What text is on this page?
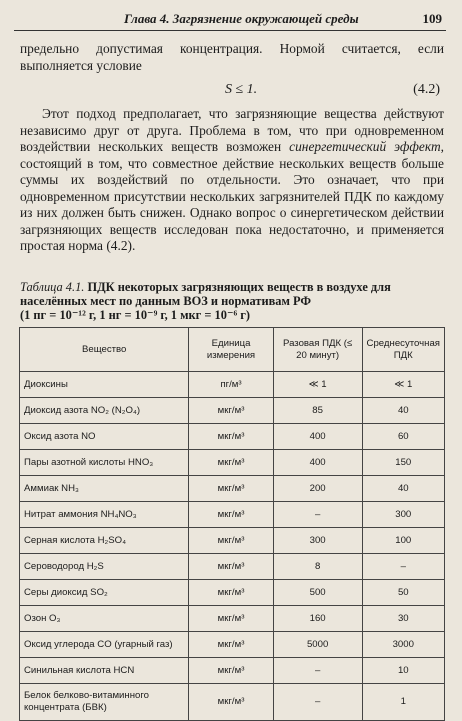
Глава 4. Загрязнение окружающей среды	109
предельно допустимая концентрация. Нормой считается, если выполняется условие
S ≤ 1.	(4.2)
Этот подход предполагает, что загрязняющие вещества действуют независимо друг от друга. Проблема в том, что при одновременном воздействии нескольких веществ возможен синергетический эффект, состоящий в том, что совместное действие нескольких веществ больше суммы их воздействий по отдельности. Это означает, что при одновременном присутствии нескольких загрязнителей ПДК по каждому из них должен быть снижен. Однако вопрос о синергетическом действии загрязняющих веществ исследован пока недостаточно, и применяется простая норма (4.2).
Таблица 4.1. ПДК некоторых загрязняющих веществ в воздухе для населённых мест по данным ВОЗ и нормативам РФ
(1 пг = 10⁻¹² г, 1 нг = 10⁻⁹ г, 1 мкг = 10⁻⁶ г)
Вещество	Единица измерения	Разовая ПДК (≤ 20 минут)	Среднесуточная ПДК
Диоксины	пг/м³	≪ 1	≪ 1
Диоксид азота NO₂ (N₂O₄)	мкг/м³	85	40
Оксид азота NO	мкг/м³	400	60
Пары азотной кислоты HNO₃	мкг/м³	400	150
Аммиак NH₃	мкг/м³	200	40
Нитрат аммония NH₄NO₃	мкг/м³	–	300
Серная кислота H₂SO₄	мкг/м³	300	100
Сероводород H₂S	мкг/м³	8	–
Серы диоксид SO₂	мкг/м³	500	50
Озон O₃	мкг/м³	160	30
Оксид углерода CO (угарный газ)	мкг/м³	5000	3000
Синильная кислота HCN	мкг/м³	–	10
Белок белково-витаминного концентрата (БВК)	мкг/м³	–	1
